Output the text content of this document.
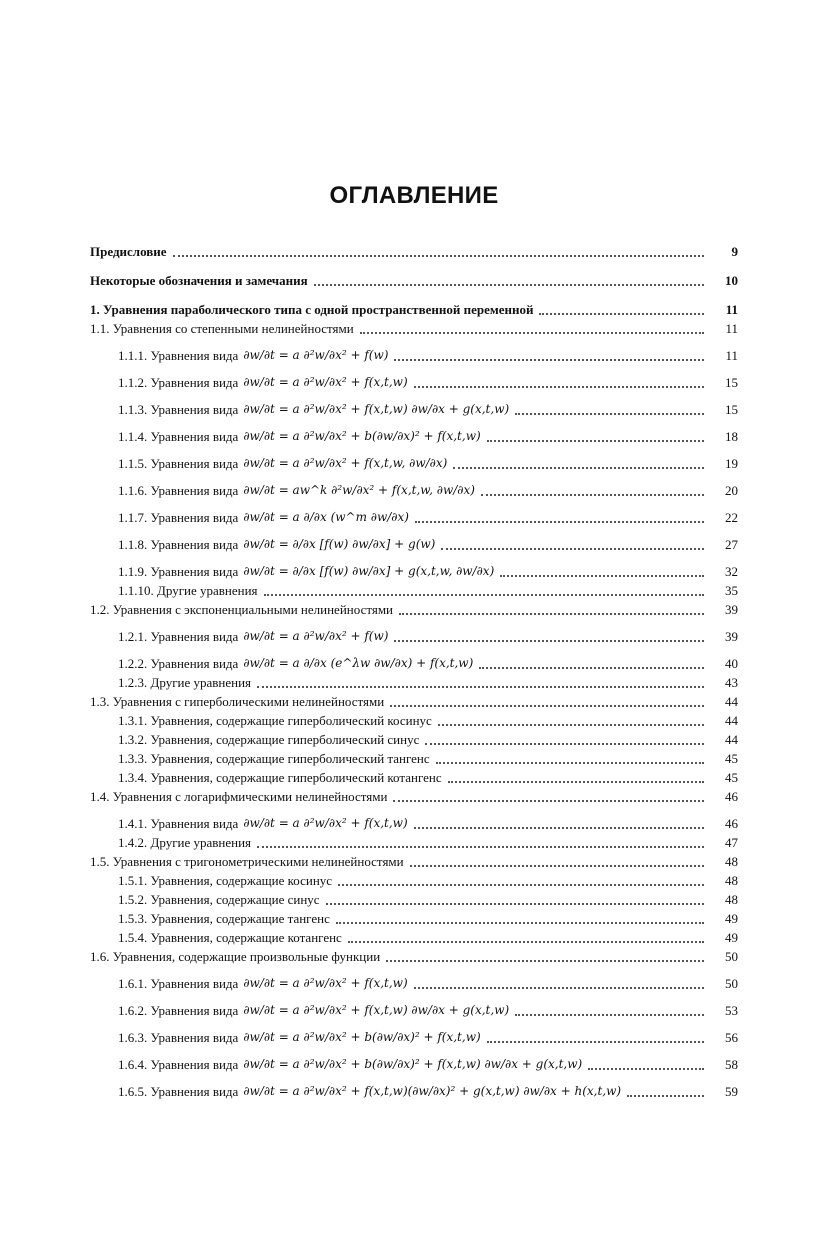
ОГЛАВЛЕНИЕ
Предисловие	9
Некоторые обозначения и замечания	10
1. Уравнения параболического типа с одной пространственной переменной	11
1.1. Уравнения со степенными нелинейностями	11
1.1.1. Уравнения вида ∂w/∂t = a ∂²w/∂x² + f(w)	11
1.1.2. Уравнения вида ∂w/∂t = a ∂²w/∂x² + f(x,t,w)	15
1.1.3. Уравнения вида ∂w/∂t = a ∂²w/∂x² + f(x,t,w) ∂w/∂x + g(x,t,w)	15
1.1.4. Уравнения вида ∂w/∂t = a ∂²w/∂x² + b(∂w/∂x)² + f(x,t,w)	18
1.1.5. Уравнения вида ∂w/∂t = a ∂²w/∂x² + f(x,t,w, ∂w/∂x)	19
1.1.6. Уравнения вида ∂w/∂t = aw^k ∂²w/∂x² + f(x,t,w, ∂w/∂x)	20
1.1.7. Уравнения вида ∂w/∂t = a ∂/∂x (w^m ∂w/∂x)	22
1.1.8. Уравнения вида ∂w/∂t = ∂/∂x [f(w) ∂w/∂x] + g(w)	27
1.1.9. Уравнения вида ∂w/∂t = ∂/∂x [f(w) ∂w/∂x] + g(x,t,w, ∂w/∂x)	32
1.1.10. Другие уравнения	35
1.2. Уравнения с экспоненциальными нелинейностями	39
1.2.1. Уравнения вида ∂w/∂t = a ∂²w/∂x² + f(w)	39
1.2.2. Уравнения вида ∂w/∂t = a ∂/∂x (e^λw ∂w/∂x) + f(x,t,w)	40
1.2.3. Другие уравнения	43
1.3. Уравнения с гиперболическими нелинейностями	44
1.3.1. Уравнения, содержащие гиперболический косинус	44
1.3.2. Уравнения, содержащие гиперболический синус	44
1.3.3. Уравнения, содержащие гиперболический тангенс	45
1.3.4. Уравнения, содержащие гиперболический котангенс	45
1.4. Уравнения с логарифмическими нелинейностями	46
1.4.1. Уравнения вида ∂w/∂t = a ∂²w/∂x² + f(x,t,w)	46
1.4.2. Другие уравнения	47
1.5. Уравнения с тригонометрическими нелинейностями	48
1.5.1. Уравнения, содержащие косинус	48
1.5.2. Уравнения, содержащие синус	48
1.5.3. Уравнения, содержащие тангенс	49
1.5.4. Уравнения, содержащие котангенс	49
1.6. Уравнения, содержащие произвольные функции	50
1.6.1. Уравнения вида ∂w/∂t = a ∂²w/∂x² + f(x,t,w)	50
1.6.2. Уравнения вида ∂w/∂t = a ∂²w/∂x² + f(x,t,w) ∂w/∂x + g(x,t,w)	53
1.6.3. Уравнения вида ∂w/∂t = a ∂²w/∂x² + b(∂w/∂x)² + f(x,t,w)	56
1.6.4. Уравнения вида ∂w/∂t = a ∂²w/∂x² + b(∂w/∂x)² + f(x,t,w) ∂w/∂x + g(x,t,w)	58
1.6.5. Уравнения вида ∂w/∂t = a ∂²w/∂x² + f(x,t,w)(∂w/∂x)² + g(x,t,w) ∂w/∂x + h(x,t,w)	59
